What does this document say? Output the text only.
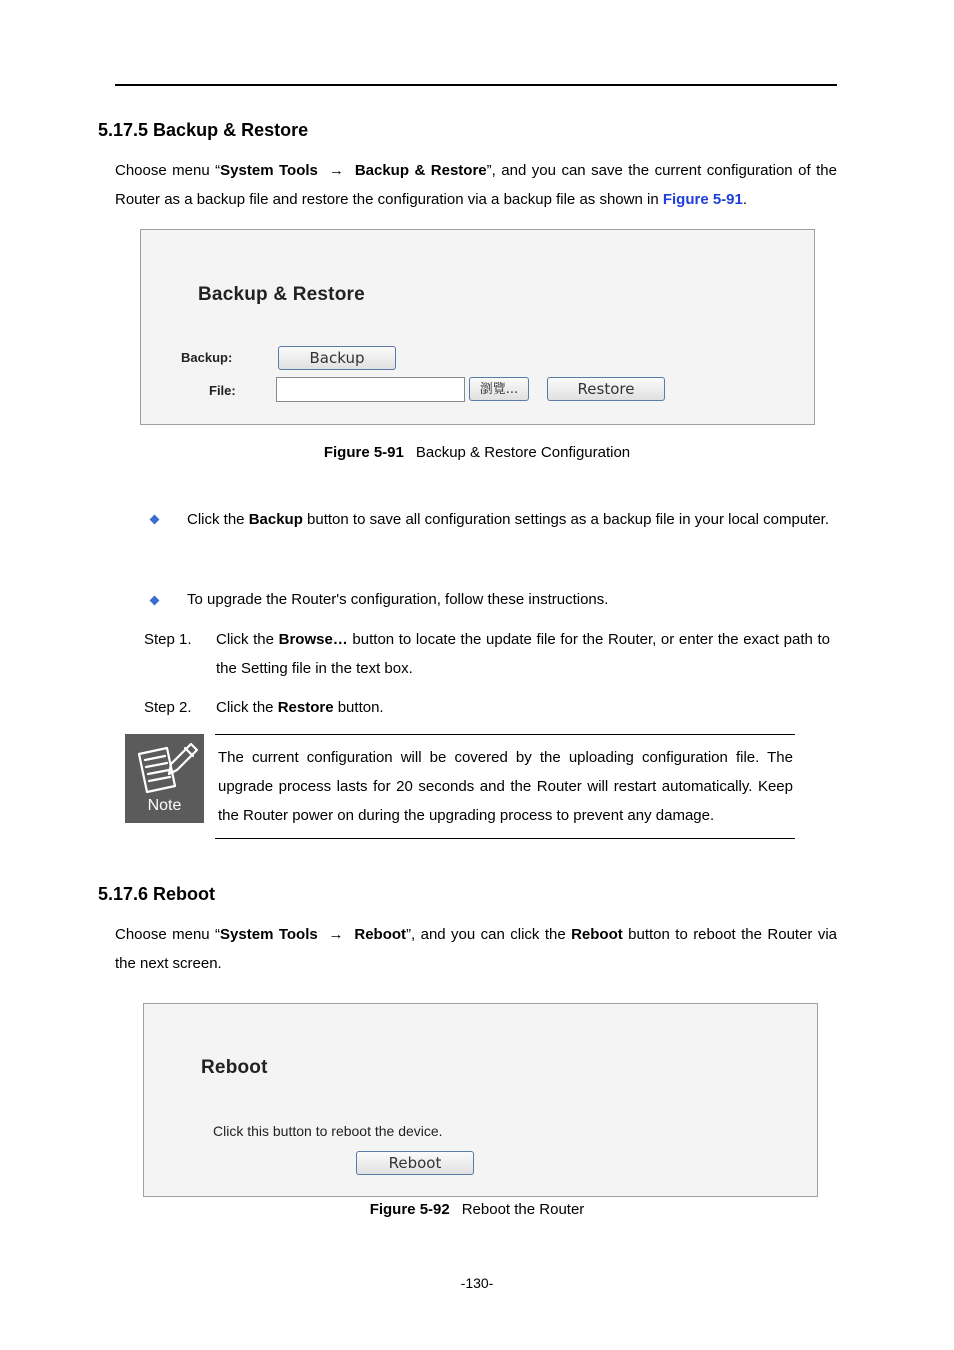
5.17.5 Backup & Restore
Choose menu “System Tools → Backup & Restore”, and you can save the current configuration of the Router as a backup file and restore the configuration via a backup file as shown in Figure 5-91.
Backup & Restore
Backup:	Backup
File:	瀏覽...	Restore
Figure 5-91 Backup & Restore Configuration
Click the Backup button to save all configuration settings as a backup file in your local computer.
To upgrade the Router's configuration, follow these instructions.
Step 1. Click the Browse… button to locate the update file for the Router, or enter the exact path to the Setting file in the text box.
Step 2. Click the Restore button.
Note
The current configuration will be covered by the uploading configuration file. The upgrade process lasts for 20 seconds and the Router will restart automatically. Keep the Router power on during the upgrading process to prevent any damage.
5.17.6 Reboot
Choose menu “System Tools → Reboot”, and you can click the Reboot button to reboot the Router via the next screen.
Reboot
Click this button to reboot the device.
Reboot
Figure 5-92 Reboot the Router
-130-
